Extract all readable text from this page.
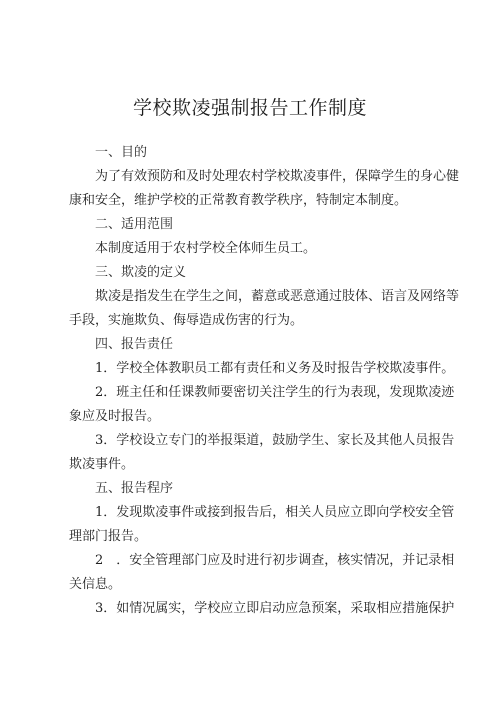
学校欺凌强制报告工作制度
一、目的
为了有效预防和及时处理农村学校欺凌事件，保障学生的身心健
康和安全，维护学校的正常教育教学秩序，特制定本制度。
二、适用范围
本制度适用于农村学校全体师生员工。
三、欺凌的定义
欺凌是指发生在学生之间，蓄意或恶意通过肢体、语言及网络等
手段，实施欺负、侮辱造成伤害的行为。
四、报告责任
1．学校全体教职员工都有责任和义务及时报告学校欺凌事件。
2．班主任和任课教师要密切关注学生的行为表现，发现欺凌迹
象应及时报告。
3．学校设立专门的举报渠道，鼓励学生、家长及其他人员报告
欺凌事件。
五、报告程序
1．发现欺凌事件或接到报告后，相关人员应立即向学校安全管
理部门报告。
2　．安全管理部门应及时进行初步调查，核实情况，并记录相
关信息。
3．如情况属实，学校应立即启动应急预案，采取相应措施保护
